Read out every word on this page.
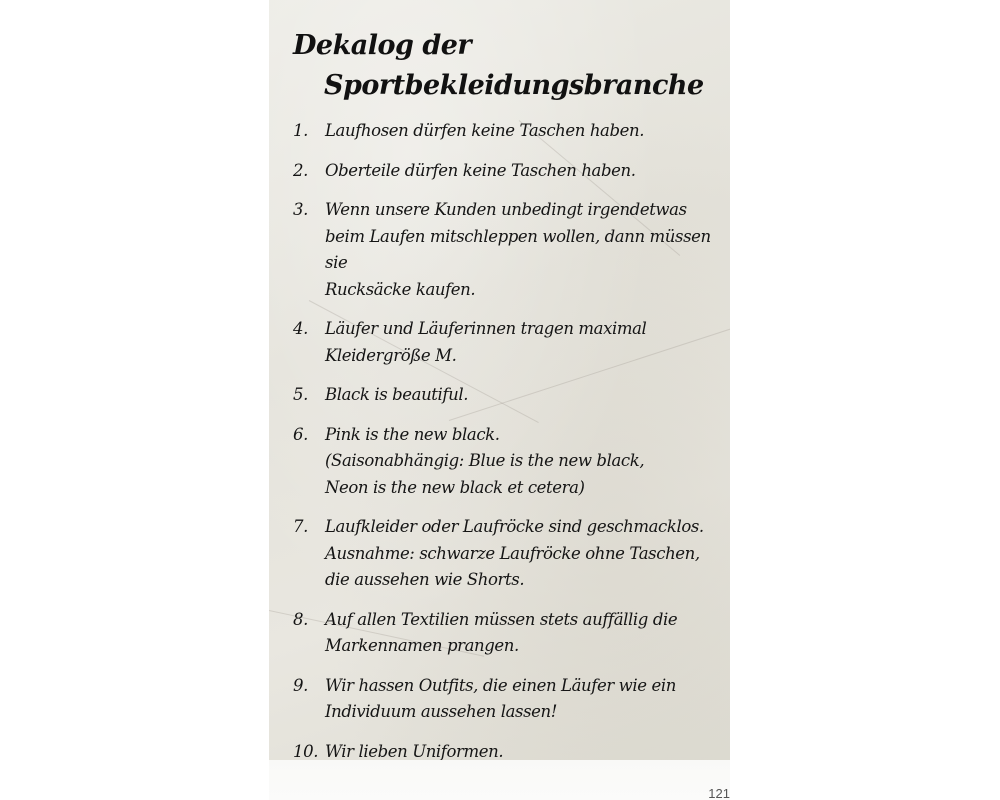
Dekalog der
Sportbekleidungsbranche
1.	Laufhosen dürfen keine Taschen haben.
2.	Oberteile dürfen keine Taschen haben.
3.	Wenn unsere Kunden unbedingt irgendetwas
beim Laufen mitschleppen wollen, dann müssen sie
Rucksäcke kaufen.
4.	Läufer und Läuferinnen tragen maximal
Kleidergröße M.
5.	Black is beautiful.
6.	Pink is the new black.
(Saisonabhängig: Blue is the new black,
Neon is the new black et cetera)
7.	Laufkleider oder Laufröcke sind geschmacklos.
Ausnahme: schwarze Laufröcke ohne Taschen,
die aussehen wie Shorts.
8.	Auf allen Textilien müssen stets auffällig die
Markennamen prangen.
9.	Wir hassen Outfits, die einen Läufer wie ein
Individuum aussehen lassen!
10. Wir lieben Uniformen.
121
